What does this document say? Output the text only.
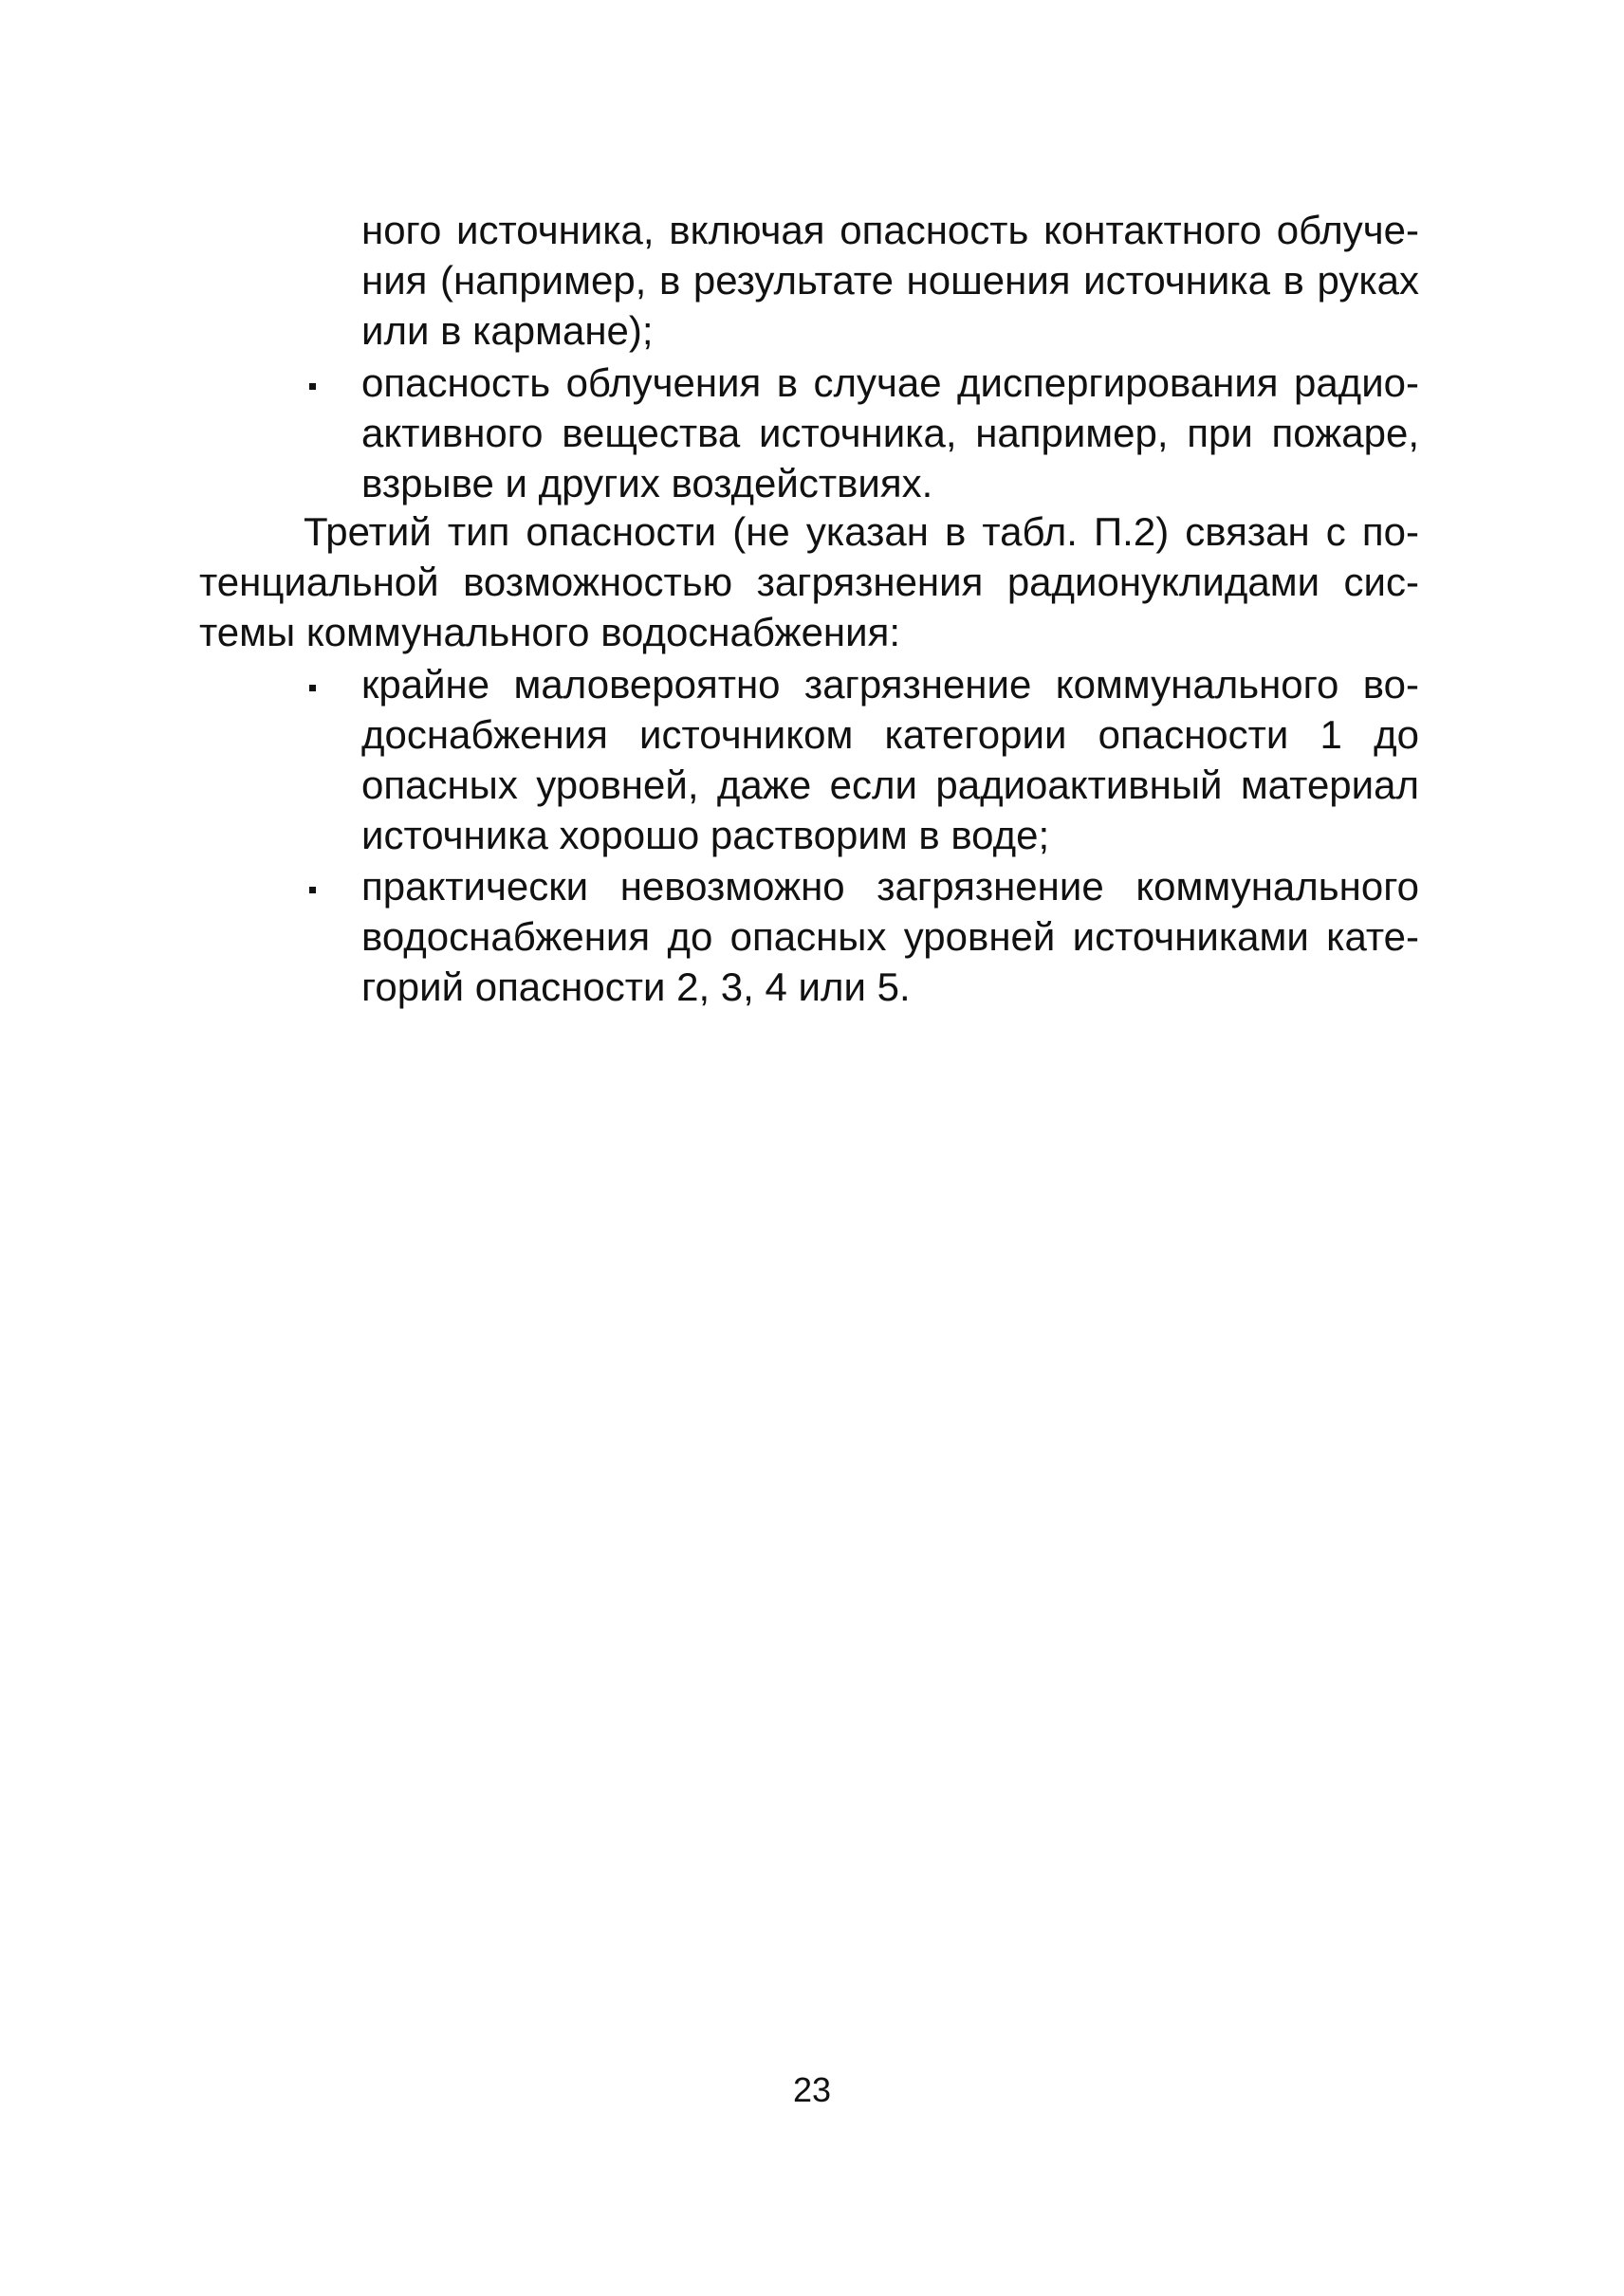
ного источника, включая опасность контактного облуче-
ния (например, в результате ношения источника в руках
или в кармане);
опасность облучения в случае диспергирования радио-
активного вещества источника, например, при пожаре,
взрыве и других воздействиях.
Третий тип опасности (не указан в табл. П.2) связан с по-
тенциальной возможностью загрязнения радионуклидами сис-
темы коммунального водоснабжения:
крайне маловероятно загрязнение коммунального во-
доснабжения источником категории опасности 1 до
опасных уровней, даже если радиоактивный материал
источника хорошо растворим в воде;
практически невозможно загрязнение коммунального
водоснабжения до опасных уровней источниками кате-
горий опасности 2, 3, 4 или 5.
23
